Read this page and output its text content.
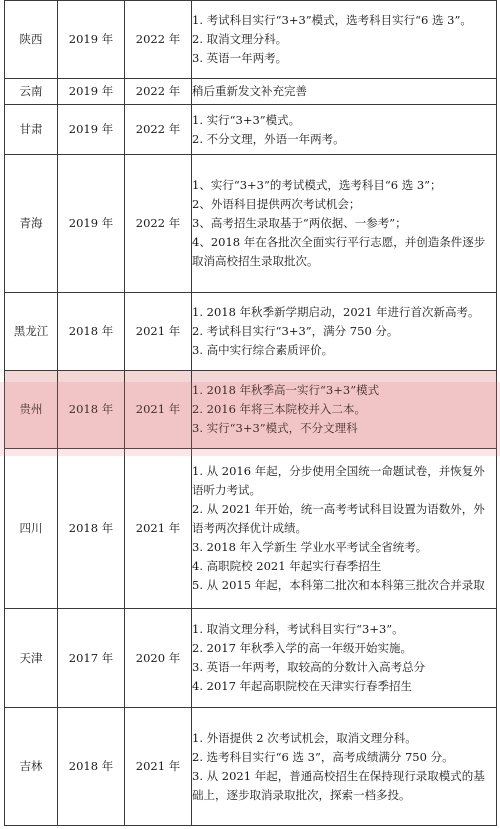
陕西	2019 年	2022 年	1. 考试科目实行“3+3”模式，选考科目实行“6 选 3”。
2. 取消文理分科。
3. 英语一年两考。

云南	2019 年	2022 年	稍后重新发文补充完善

甘肃	2019 年	2022 年	1. 实行“3+3”模式。
2. 不分文理，外语一年两考。

青海	2019 年	2022 年	1、实行“3+3”的考试模式，选考科目“6 选 3”；
2、外语科目提供两次考试机会；
3、高考招生录取基于“两依据、一参考”；
4、2018 年在各批次全面实行平行志愿，并创造条件逐步取消高校招生录取批次。

黑龙江	2018 年	2021 年	1. 2018 年秋季新学期启动，2021 年进行首次新高考。
2. 考试科目实行“3+3”，满分 750 分。
3. 高中实行综合素质评价。

贵州	2018 年	2021 年	1. 2018 年秋季高一实行“3+3”模式
2. 2016 年将三本院校并入二本。
3. 实行“3+3”模式，不分文理科

四川	2018 年	2021 年	1. 从 2016 年起，分步使用全国统一命题试卷，并恢复外语听力考试。
2. 从 2021 年开始，统一高考考试科目设置为语数外，外语考两次择优计成绩。
3. 2018 年入学新生 学业水平考试全省统考。
4. 高职院校 2021 年起实行春季招生
5. 从 2015 年起，本科第二批次和本科第三批次合并录取

天津	2017 年	2020 年	1. 取消文理分科，考试科目实行“3+3”。
2. 2017 年秋季入学的高一年级开始实施。
3. 英语一年两考，取较高的分数计入高考总分
4. 2017 年起高职院校在天津实行春季招生

吉林	2018 年	2021 年	1. 外语提供 2 次考试机会，取消文理分科。
2. 选考科目实行“6 选 3”，高考成绩满分 750 分。
3. 从 2021 年起，普通高校招生在保持现行录取模式的基础上，逐步取消录取批次，探索一档多投。
